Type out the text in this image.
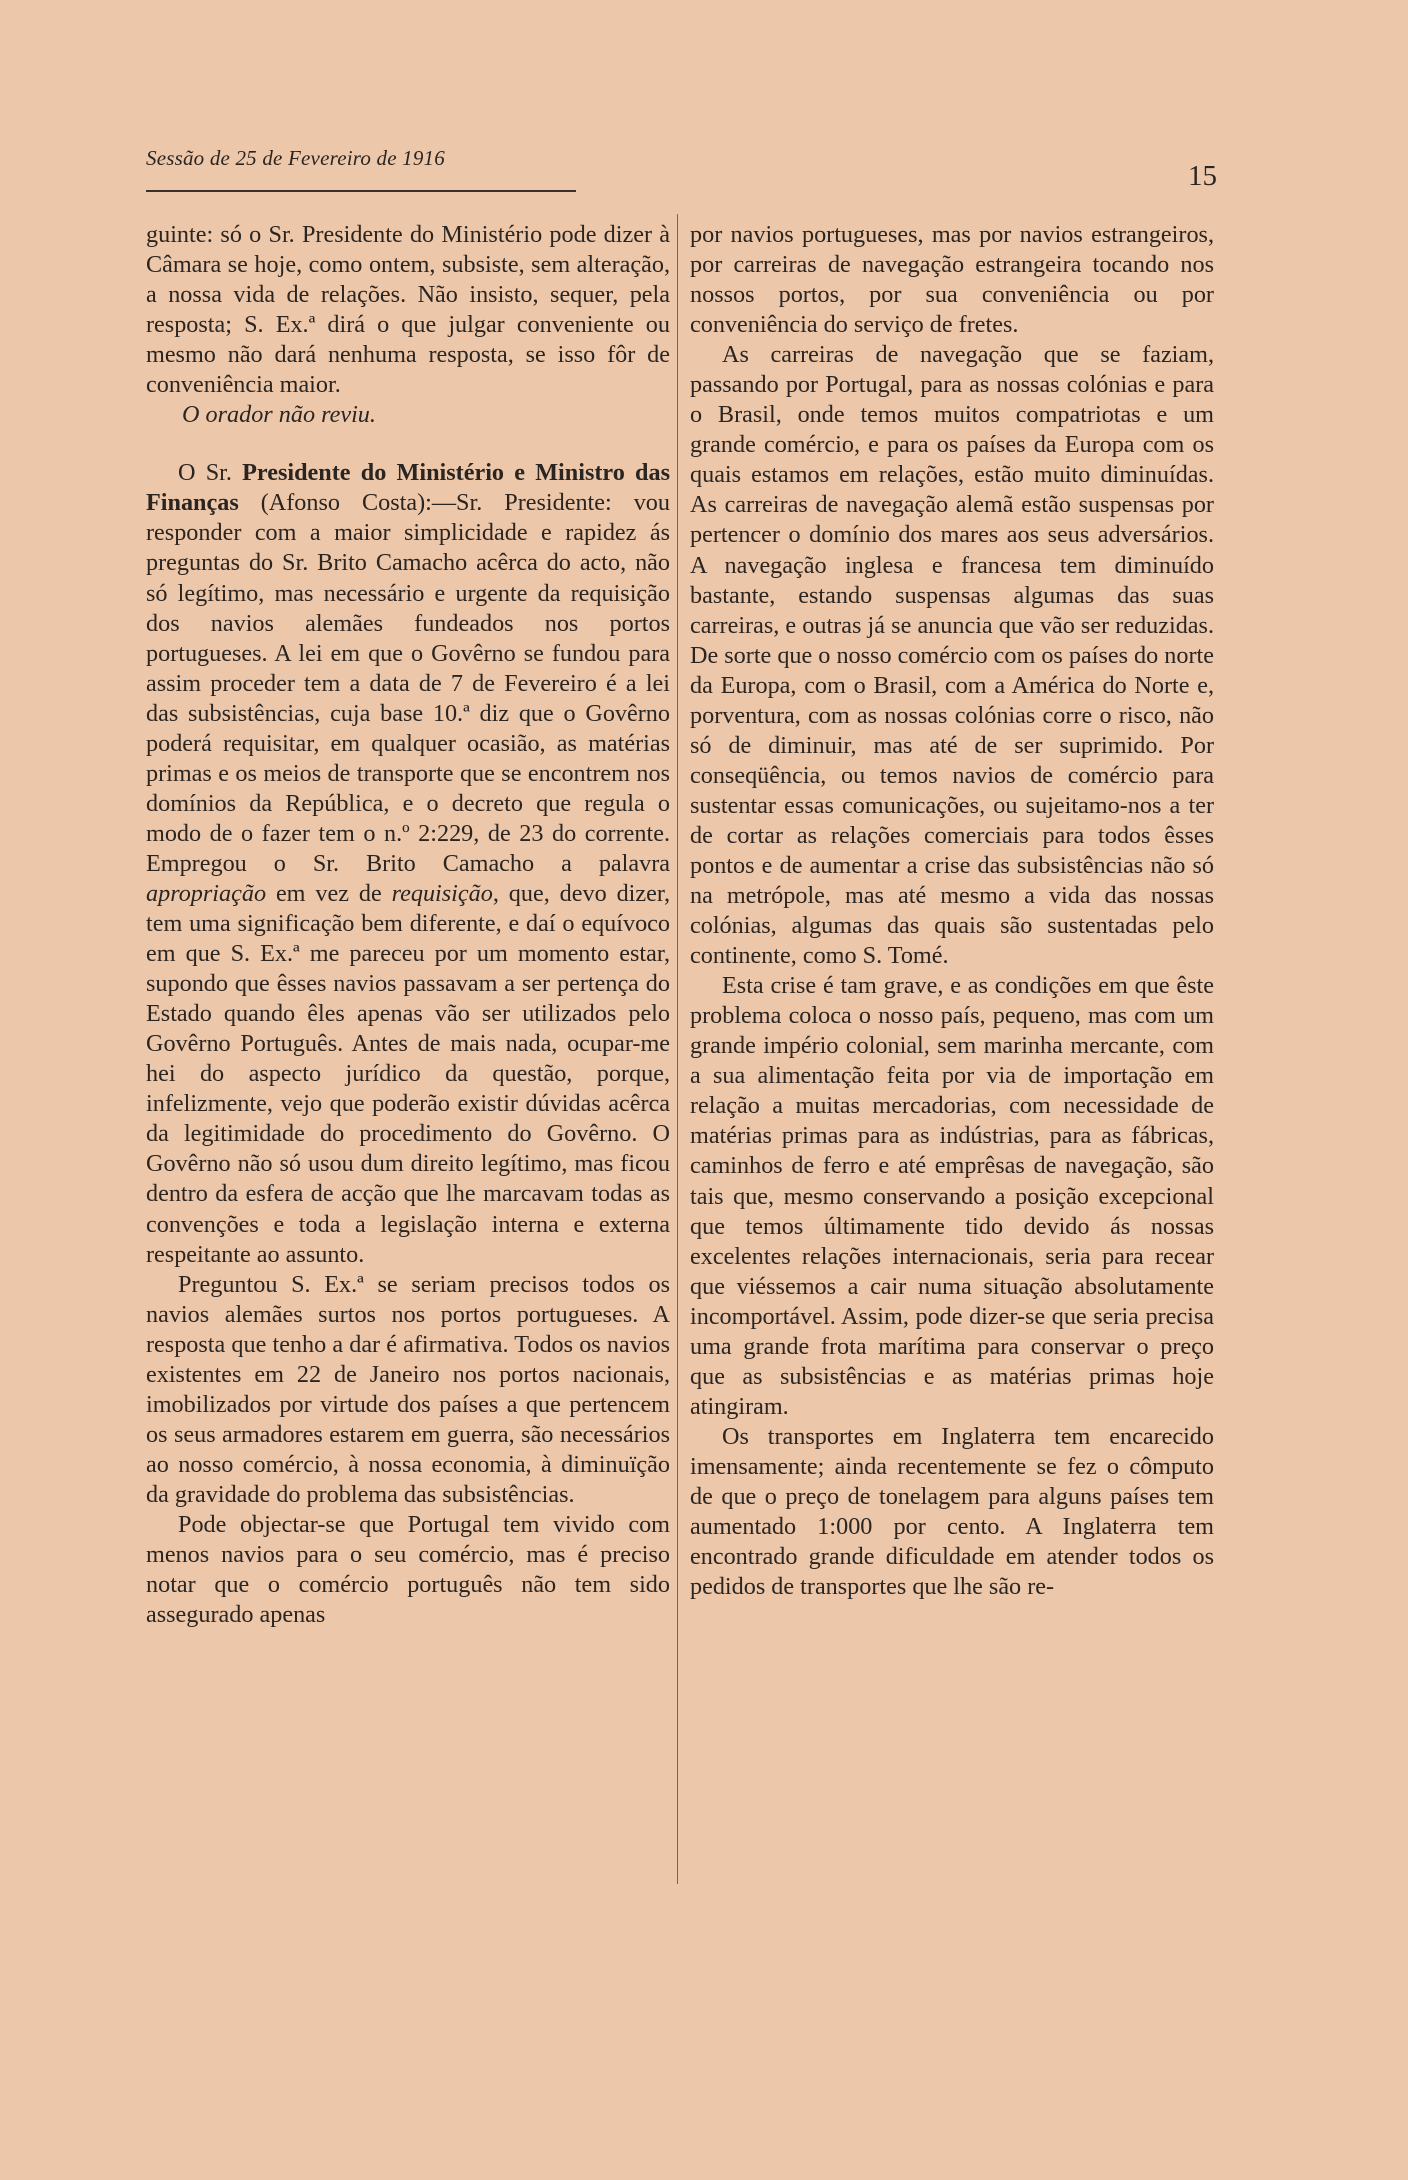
Sessão de 25 de Fevereiro de 1916
15

guinte: só o Sr. Presidente do Ministério pode dizer à Câmara se hoje, como ontem, subsiste, sem alteração, a nossa vida de relações. Não insisto, sequer, pela resposta; S. Ex.ª dirá o que julgar conveniente ou mesmo não dará nenhuma resposta, se isso fôr de conveniência maior.

O orador não reviu.

O Sr. Presidente do Ministério e Ministro das Finanças (Afonso Costa):—Sr. Presidente: vou responder com a maior simplicidade e rapidez ás preguntas do Sr. Brito Camacho acêrca do acto, não só legítimo, mas necessário e urgente da requisição dos navios alemães fundeados nos portos portugueses. A lei em que o Govêrno se fundou para assim proceder tem a data de 7 de Fevereiro é a lei das subsistências, cuja base 10.ª diz que o Govêrno poderá requisitar, em qualquer ocasião, as matérias primas e os meios de transporte que se encontrem nos domínios da República, e o decreto que regula o modo de o fazer tem o n.º 2:229, de 23 do corrente. Empregou o Sr. Brito Camacho a palavra apropriação em vez de requisição, que, devo dizer, tem uma significação bem diferente, e daí o equívoco em que S. Ex.ª me pareceu por um momento estar, supondo que êsses navios passavam a ser pertença do Estado quando êles apenas vão ser utilizados pelo Govêrno Português. Antes de mais nada, ocupar-me hei do aspecto jurídico da questão, porque, infelizmente, vejo que poderão existir dúvidas acêrca da legitimidade do procedimento do Govêrno. O Govêrno não só usou dum direito legítimo, mas ficou dentro da esfera de acção que lhe marcavam todas as convenções e toda a legislação interna e externa respeitante ao assunto.

Preguntou S. Ex.ª se seriam precisos todos os navios alemães surtos nos portos portugueses. A resposta que tenho a dar é afirmativa. Todos os navios existentes em 22 de Janeiro nos portos nacionais, imobilizados por virtude dos países a que pertencem os seus armadores estarem em guerra, são necessários ao nosso comércio, à nossa economia, à diminuïção da gravidade do problema das subsistências.

Pode objectar-se que Portugal tem vivido com menos navios para o seu comércio, mas é preciso notar que o comércio português não tem sido assegurado apenas

por navios portugueses, mas por navios estrangeiros, por carreiras de navegação estrangeira tocando nos nossos portos, por sua conveniência ou por conveniência do serviço de fretes.

As carreiras de navegação que se faziam, passando por Portugal, para as nossas colónias e para o Brasil, onde temos muitos compatriotas e um grande comércio, e para os países da Europa com os quais estamos em relações, estão muito diminuídas. As carreiras de navegação alemã estão suspensas por pertencer o domínio dos mares aos seus adversários. A navegação inglesa e francesa tem diminuído bastante, estando suspensas algumas das suas carreiras, e outras já se anuncia que vão ser reduzidas. De sorte que o nosso comércio com os países do norte da Europa, com o Brasil, com a América do Norte e, porventura, com as nossas colónias corre o risco, não só de diminuir, mas até de ser suprimido. Por conseqüência, ou temos navios de comércio para sustentar essas comunicações, ou sujeitamo-nos a ter de cortar as relações comerciais para todos êsses pontos e de aumentar a crise das subsistências não só na metrópole, mas até mesmo a vida das nossas colónias, algumas das quais são sustentadas pelo continente, como S. Tomé.

Esta crise é tam grave, e as condições em que êste problema coloca o nosso país, pequeno, mas com um grande império colonial, sem marinha mercante, com a sua alimentação feita por via de importação em relação a muitas mercadorias, com necessidade de matérias primas para as indústrias, para as fábricas, caminhos de ferro e até emprêsas de navegação, são tais que, mesmo conservando a posição excepcional que temos últimamente tido devido ás nossas excelentes relações internacionais, seria para recear que viéssemos a cair numa situação absolutamente incomportável. Assim, pode dizer-se que seria precisa uma grande frota marítima para conservar o preço que as subsistências e as matérias primas hoje atingiram.

Os transportes em Inglaterra tem encarecido imensamente; ainda recentemente se fez o cômputo de que o preço de tonelagem para alguns países tem aumentado 1:000 por cento. A Inglaterra tem encontrado grande dificuldade em atender todos os pedidos de transportes que lhe são re-
